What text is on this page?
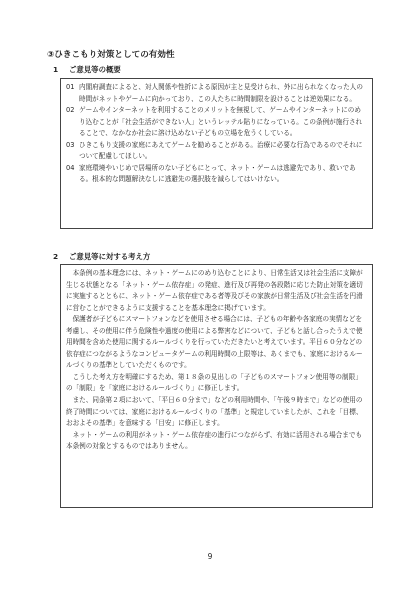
③ひきこもり対策としての有効性
1 ご意見等の概要
01 内閣府調査によると、対人関係や性折による原因が主と見受けられ、外に出られなくなった人の時間がネットやゲームに向かっており、この人たちに時間制限を設けることは逆効果になる。
02 ゲームやインターネットを利用することのメリットを無視して、ゲームやインターネットにのめり込むことが「社会生活ができない人」というレッテル貼りになっている。この条例が施行されることで、なかなか社会に溶け込めない子どもの立場を危うくしている。
03 ひきこもり支援の家庭にあえてゲームを勧めることがある。治療に必要な行為であるのでそれについて配慮してほしい。
04 家庭環境やいじめで居場所のない子どもにとって、ネット・ゲームは逃避先であり、救いである。根本的な問題解決なしに逃避先の選択肢を減らしてはいけない。
2 ご意見等に対する考え方

本条例の基本理念には、ネット・ゲームにのめり込むことにより、日常生活又は社会生活に支障が生じる状態となる「ネット・ゲーム依存症」の発症、進行及び再発の各段階に応じた防止対策を適切に実施するとともに、ネット・ゲーム依存症である者等及びその家族が日常生活及び社会生活を円滑に営むことができるように支援することを基本理念に掲げています。

保護者が子どもにスマートフォンなどを使用させる場合には、子どもの年齢や各家庭の実情などを考慮し、その使用に伴う危険性や過度の使用による弊害などについて、子どもと話し合ったうえで使用時間を含めた使用に関するルールづくりを行っていただきたいと考えています。平日６０分などの依存症につながるようなコンピュータゲームの利用時間の上限等は、あくまでも、家庭におけるルールづくりの基準としていただくものです。

こうした考え方を明確にするため、第１８条の見出しの「子どものスマートフォン使用等の制限」の「制限」を「家庭におけるルールづくり」に修正します。

また、同条第２項において、「平日６０分まで」などの利用時間や、「午後９時まで」などの使用の終了時間については、家庭におけるルールづくりの「基準」と規定していましたが、これを「目標、おおよその基準」を意味する「目安」に修正します。

ネット・ゲームの利用がネット・ゲーム依存症の進行につながらず、有効に活用される場合までも本条例の対象とするものではありません。

9
